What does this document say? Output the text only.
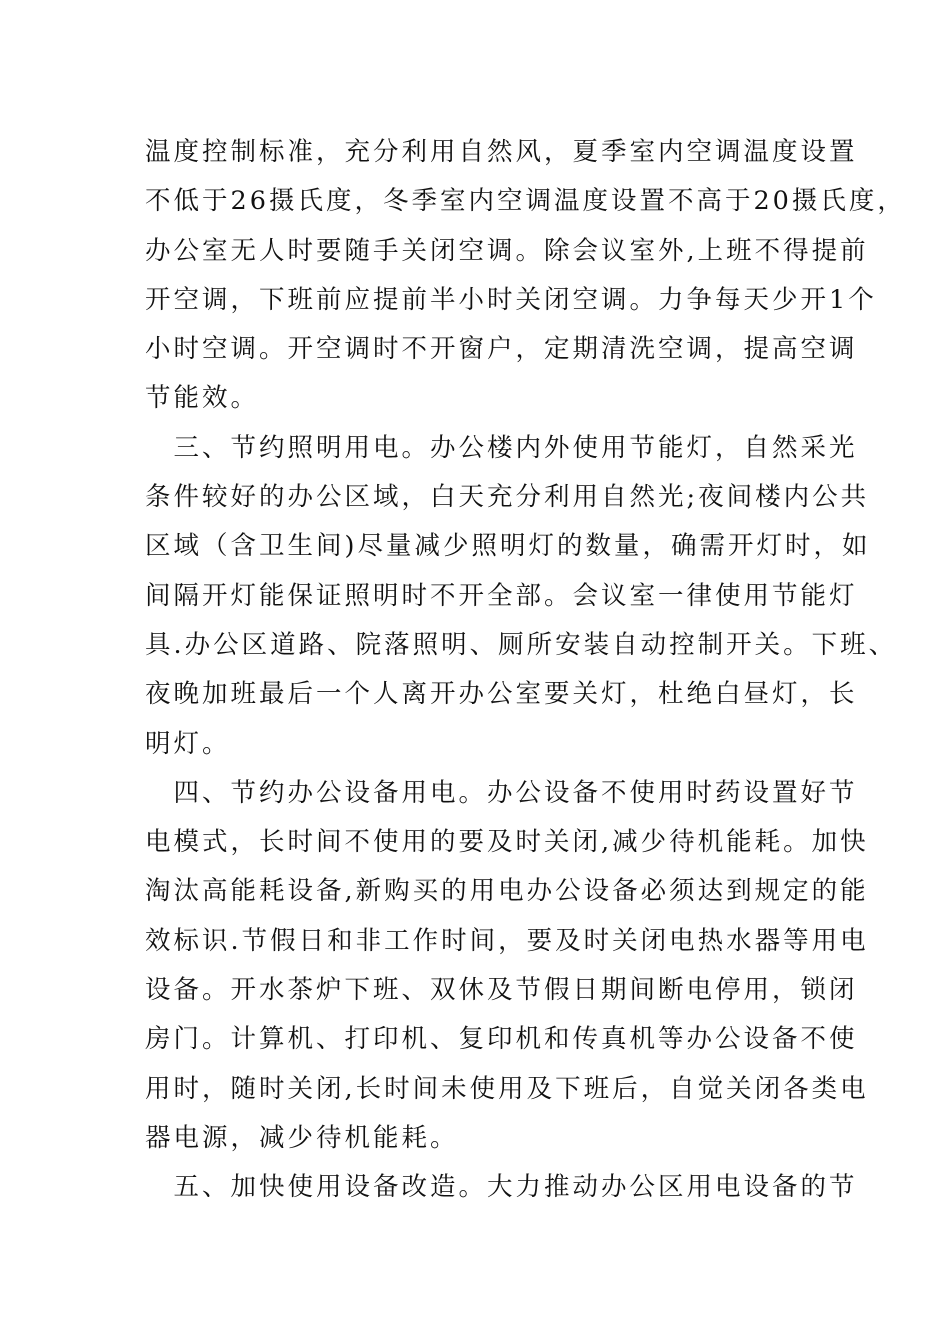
温度控制标准，充分利用自然风，夏季室内空调温度设置
不低于26摄氏度，冬季室内空调温度设置不高于20摄氏度，
办公室无人时要随手关闭空调。除会议室外,上班不得提前
开空调，下班前应提前半小时关闭空调。力争每天少开1个
小时空调。开空调时不开窗户，定期清洗空调，提高空调
节能效。
　三、节约照明用电。办公楼内外使用节能灯，自然采光
条件较好的办公区域，白天充分利用自然光;夜间楼内公共
区域（含卫生间)尽量减少照明灯的数量，确需开灯时，如
间隔开灯能保证照明时不开全部。会议室一律使用节能灯
具.办公区道路、院落照明、厕所安装自动控制开关。下班、
夜晚加班最后一个人离开办公室要关灯，杜绝白昼灯，长
明灯。
　四、节约办公设备用电。办公设备不使用时药设置好节
电模式，长时间不使用的要及时关闭,减少待机能耗。加快
淘汰高能耗设备,新购买的用电办公设备必须达到规定的能
效标识.节假日和非工作时间，要及时关闭电热水器等用电
设备。开水茶炉下班、双休及节假日期间断电停用，锁闭
房门。计算机、打印机、复印机和传真机等办公设备不使
用时，随时关闭,长时间未使用及下班后，自觉关闭各类电
器电源，减少待机能耗。
　五、加快使用设备改造。大力推动办公区用电设备的节
